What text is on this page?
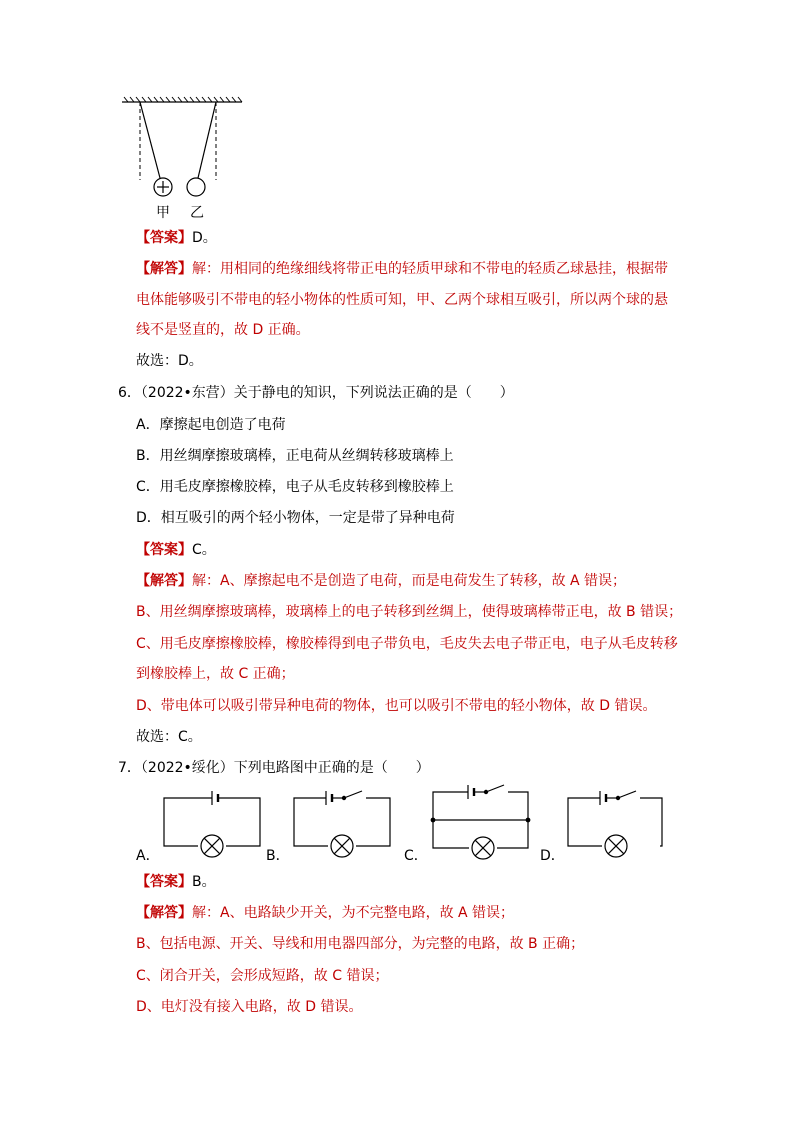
甲 乙
【答案】D。
【解答】解：用相同的绝缘细线将带正电的轻质甲球和不带电的轻质乙球悬挂，根据带
电体能够吸引不带电的轻小物体的性质可知，甲、乙两个球相互吸引，所以两个球的悬
线不是竖直的，故 D 正确。
故选：D。
6．（2022•东营）关于静电的知识，下列说法正确的是（　　）
A．摩擦起电创造了电荷
B．用丝绸摩擦玻璃棒，正电荷从丝绸转移玻璃棒上
C．用毛皮摩擦橡胶棒，电子从毛皮转移到橡胶棒上
D．相互吸引的两个轻小物体，一定是带了异种电荷
【答案】C。
【解答】解：A、摩擦起电不是创造了电荷，而是电荷发生了转移，故 A 错误；
B、用丝绸摩擦玻璃棒，玻璃棒上的电子转移到丝绸上，使得玻璃棒带正电，故 B 错误；
C、用毛皮摩擦橡胶棒，橡胶棒得到电子带负电，毛皮失去电子带正电，电子从毛皮转移
到橡胶棒上，故 C 正确；
D、带电体可以吸引带异种电荷的物体，也可以吸引不带电的轻小物体，故 D 错误。
故选：C。
7．（2022•绥化）下列电路图中正确的是（　　）
A．	B．	C．	D．
【答案】B。
【解答】解：A、电路缺少开关，为不完整电路，故 A 错误；
B、包括电源、开关、导线和用电器四部分，为完整的电路，故 B 正确；
C、闭合开关，会形成短路，故 C 错误；
D、电灯没有接入电路，故 D 错误。
